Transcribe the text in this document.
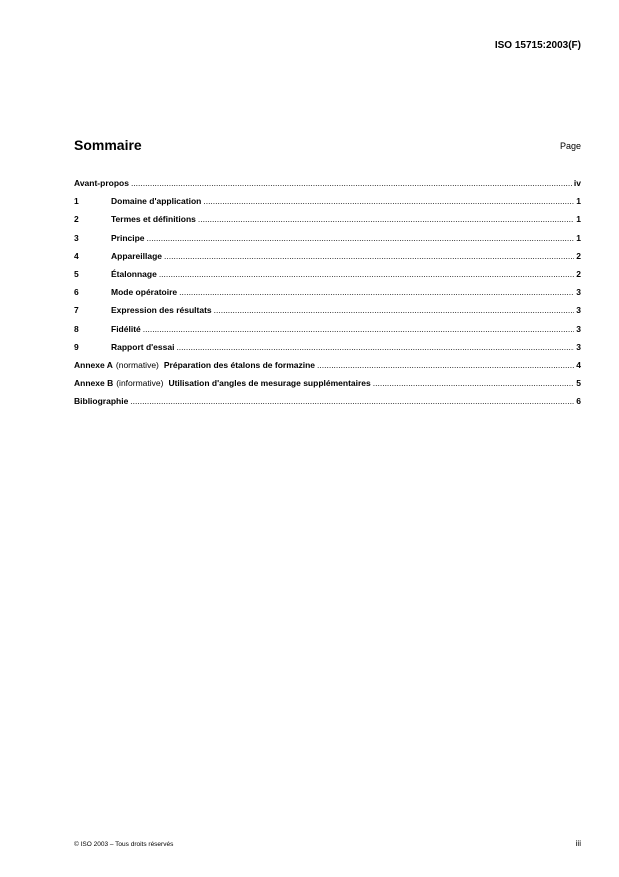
ISO 15715:2003(F)
Sommaire	Page
Avant-propos .....	iv
1	Domaine d'application .....	1
2	Termes et définitions .....	1
3	Principe .....	1
4	Appareillage .....	2
5	Étalonnage .....	2
6	Mode opératoire .....	3
7	Expression des résultats .....	3
8	Fidélité .....	3
9	Rapport d'essai .....	3
Annexe A (normative) Préparation des étalons de formazine .....	4
Annexe B (informative) Utilisation d'angles de mesurage supplémentaires .....	5
Bibliographie .....	6
© ISO 2003 – Tous droits réservés	iii
